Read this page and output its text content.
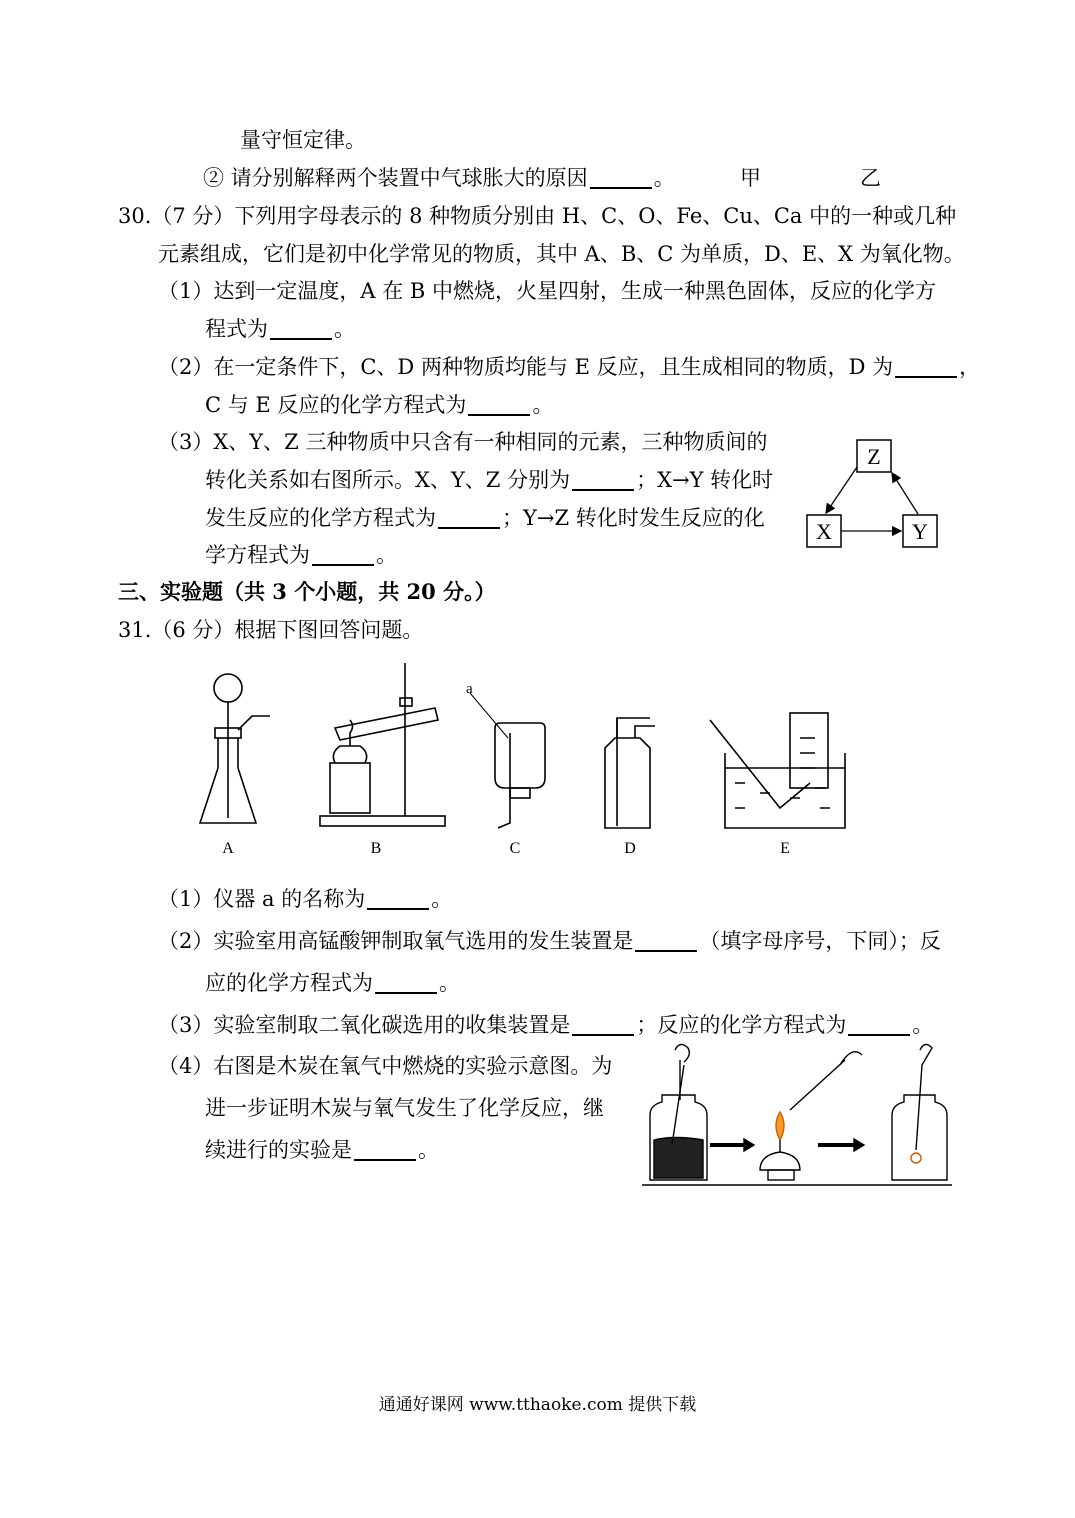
量守恒定律。
② 请分别解释两个装置中气球胀大的原因	。	甲	乙
30.（7 分）下列用字母表示的 8 种物质分别由 H、C、O、Fe、Cu、Ca 中的一种或几种
元素组成，它们是初中化学常见的物质，其中 A、B、C 为单质，D、E、X 为氧化物。
（1）达到一定温度，A 在 B 中燃烧，火星四射，生成一种黑色固体，反应的化学方
程式为	。
（2）在一定条件下，C、D 两种物质均能与 E 反应，且生成相同的物质，D 为	，
C 与 E 反应的化学方程式为	。
（3）X、Y、Z 三种物质中只含有一种相同的元素，三种物质间的
转化关系如右图所示。X、Y、Z 分别为	；X→Y 转化时
发生反应的化学方程式为	；Y→Z 转化时发生反应的化
学方程式为	。
Z
X	Y
三、实验题（共 3 个小题，共 20 分。）
31.（6 分）根据下图回答问题。
a
A	B	C	D	E
（1）仪器 a 的名称为	。
（2）实验室用高锰酸钾制取氧气选用的发生装置是	（填字母序号，下同）；反
应的化学方程式为	。
（3）实验室制取二氧化碳选用的收集装置是	；反应的化学方程式为	。
（4）右图是木炭在氧气中燃烧的实验示意图。为
进一步证明木炭与氧气发生了化学反应，继
续进行的实验是	。
通通好课网 www.tthaoke.com 提供下载
